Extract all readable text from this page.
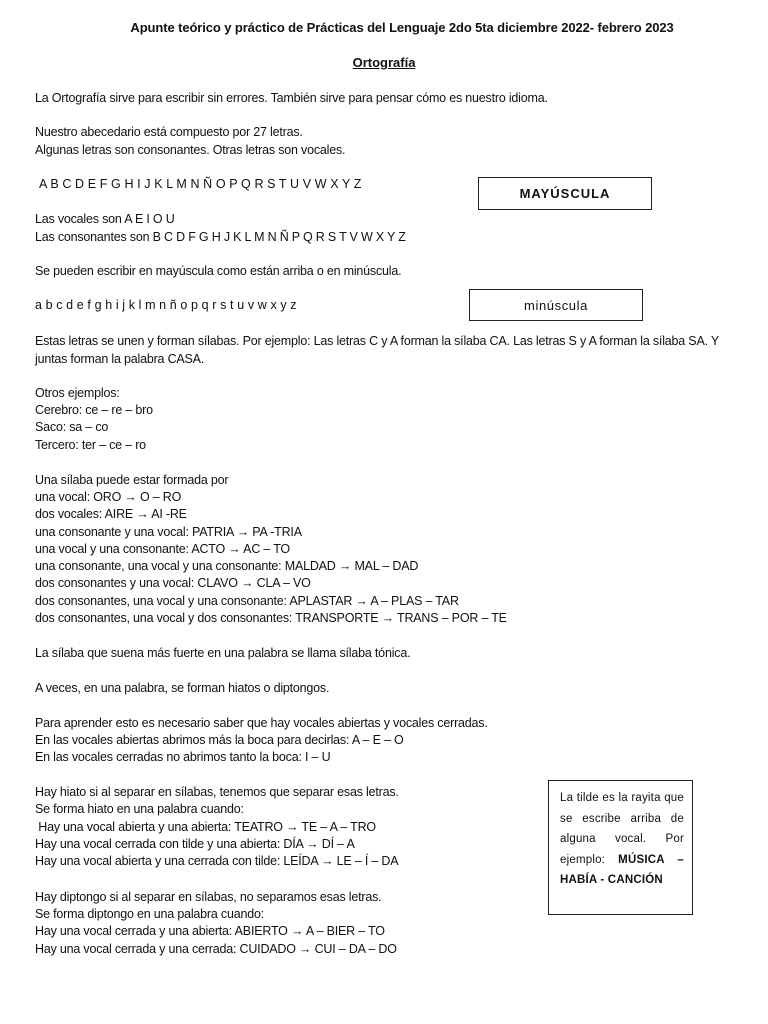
Apunte teórico y práctico de Prácticas del Lenguaje 2do 5ta diciembre 2022- febrero 2023
Ortografía
La Ortografía sirve para escribir sin errores. También sirve para pensar cómo es nuestro idioma.
Nuestro abecedario está compuesto por 27 letras.
Algunas letras son consonantes. Otras letras son vocales.
A B C D E F G H I J K L M N Ñ O P Q R S T U V W X Y Z
Las vocales son A E I O U
Las consonantes son B C D F G H J K L M N Ñ P Q R S T V W X Y Z
Se pueden escribir en mayúscula como están arriba o en minúscula.
a b c d e f g h i j k l m n ñ o p q r s t u v w x y z
Estas letras se unen y forman sílabas. Por ejemplo: Las letras C y A forman la sílaba CA. Las letras S y A forman la sílaba SA. Y
juntas forman la palabra CASA.
Otros ejemplos:
Cerebro: ce – re – bro
Saco: sa – co
Tercero: ter – ce – ro
Una sílaba puede estar formada por
una vocal: ORO → O – RO
dos vocales: AIRE → AI -RE
una consonante y una vocal: PATRIA → PA -TRIA
una vocal y una consonante: ACTO → AC – TO
una consonante, una vocal y una consonante: MALDAD → MAL – DAD
dos consonantes y una vocal: CLAVO → CLA – VO
dos consonantes, una vocal y una consonante: APLASTAR → A – PLAS – TAR
dos consonantes, una vocal y dos consonantes: TRANSPORTE → TRANS – POR – TE
La sílaba que suena más fuerte en una palabra se llama sílaba tónica.
A veces, en una palabra, se forman hiatos o diptongos.
Para aprender esto es necesario saber que hay vocales abiertas y vocales cerradas.
En las vocales abiertas abrimos más la boca para decirlas: A – E – O
En las vocales cerradas no abrimos tanto la boca: I – U
Hay hiato si al separar en sílabas, tenemos que separar esas letras.
Se forma hiato en una palabra cuando:
Hay una vocal abierta y una abierta: TEATRO → TE – A – TRO
Hay una vocal cerrada con tilde y una abierta: DÍA → DÍ – A
Hay una vocal abierta y una cerrada con tilde: LEÍDA → LE – Í – DA
Hay diptongo si al separar en sílabas, no separamos esas letras.
Se forma diptongo en una palabra cuando:
Hay una vocal cerrada y una abierta: ABIERTO → A – BIER – TO
Hay una vocal cerrada y una cerrada: CUIDADO → CUI – DA – DO
MAYÚSCULA
minúscula
La tilde es la rayita que se escribe arriba de alguna vocal. Por ejemplo: MÚSICA – HABÍA - CANCIÓN
